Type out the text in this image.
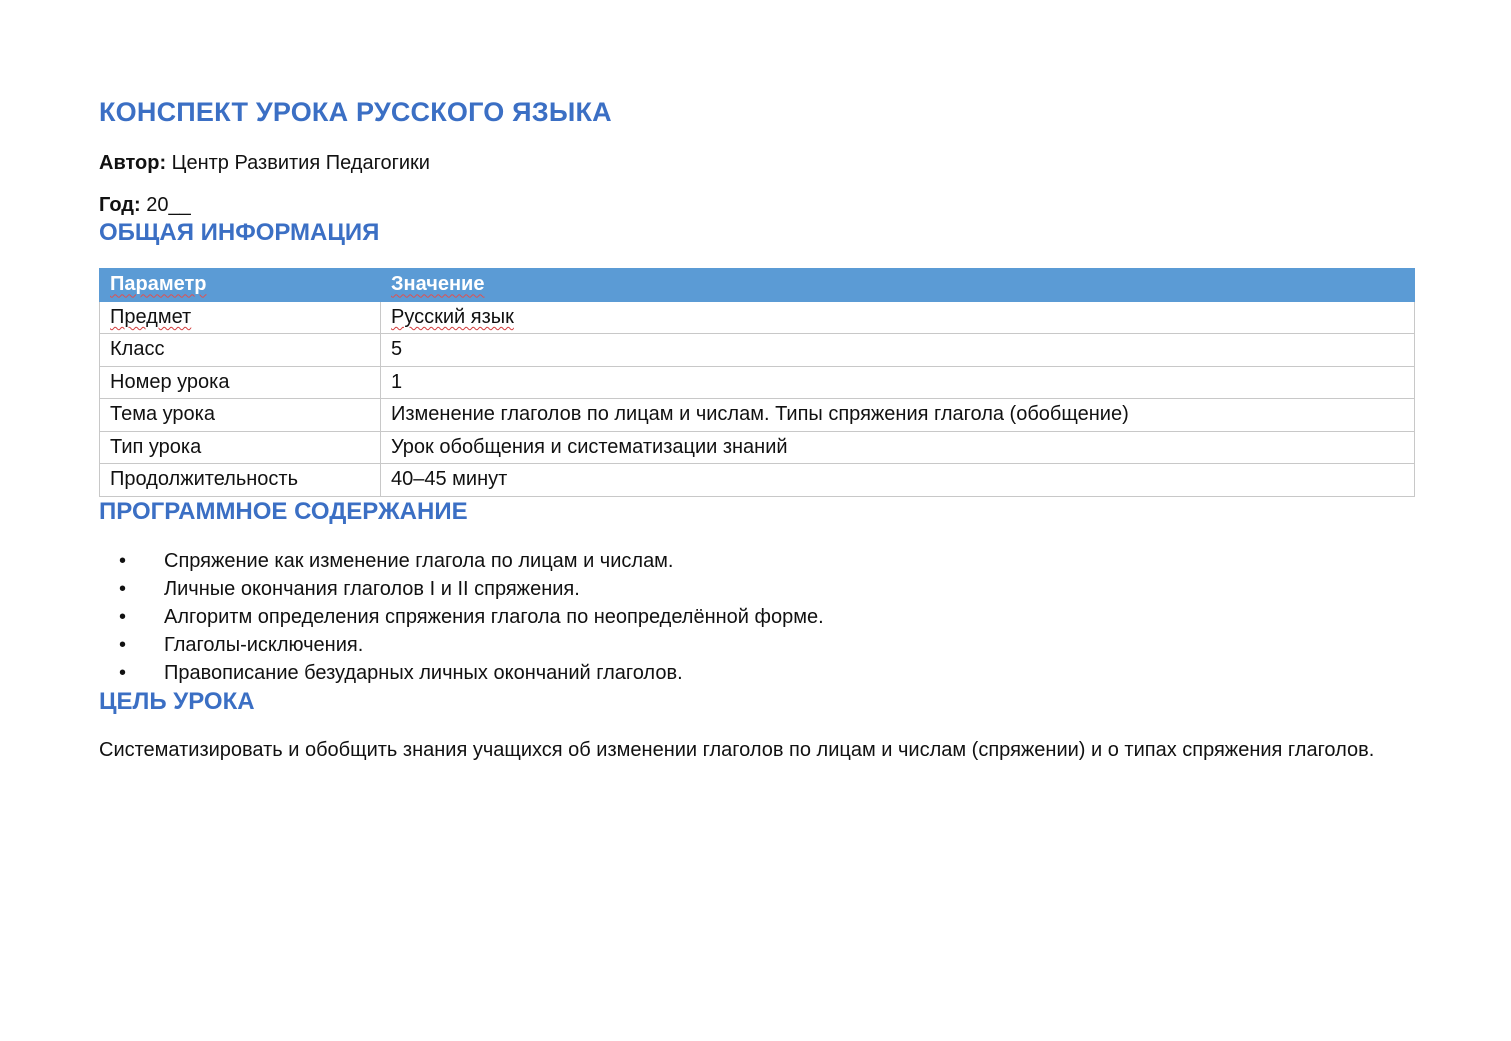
КОНСПЕКТ УРОКА РУССКОГО ЯЗЫКА

Автор: Центр Развития Педагогики

Год: 20__

ОБЩАЯ ИНФОРМАЦИЯ
Параметр	Значение
Предмет	Русский язык
Класс	5
Номер урока	1
Тема урока	Изменение глаголов по лицам и числам. Типы спряжения глагола (обобщение)
Тип урока	Урок обобщения и систематизации знаний
Продолжительность	40–45 минут
ПРОГРАММНОЕ СОДЕРЖАНИЕ
• Спряжение как изменение глагола по лицам и числам.
• Личные окончания глаголов I и II спряжения.
• Алгоритм определения спряжения глагола по неопределённой форме.
• Глаголы-исключения.
• Правописание безударных личных окончаний глаголов.
ЦЕЛЬ УРОКА

Систематизировать и обобщить знания учащихся об изменении глаголов по лицам и числам (спряжении) и о типах спряжения глаголов.
